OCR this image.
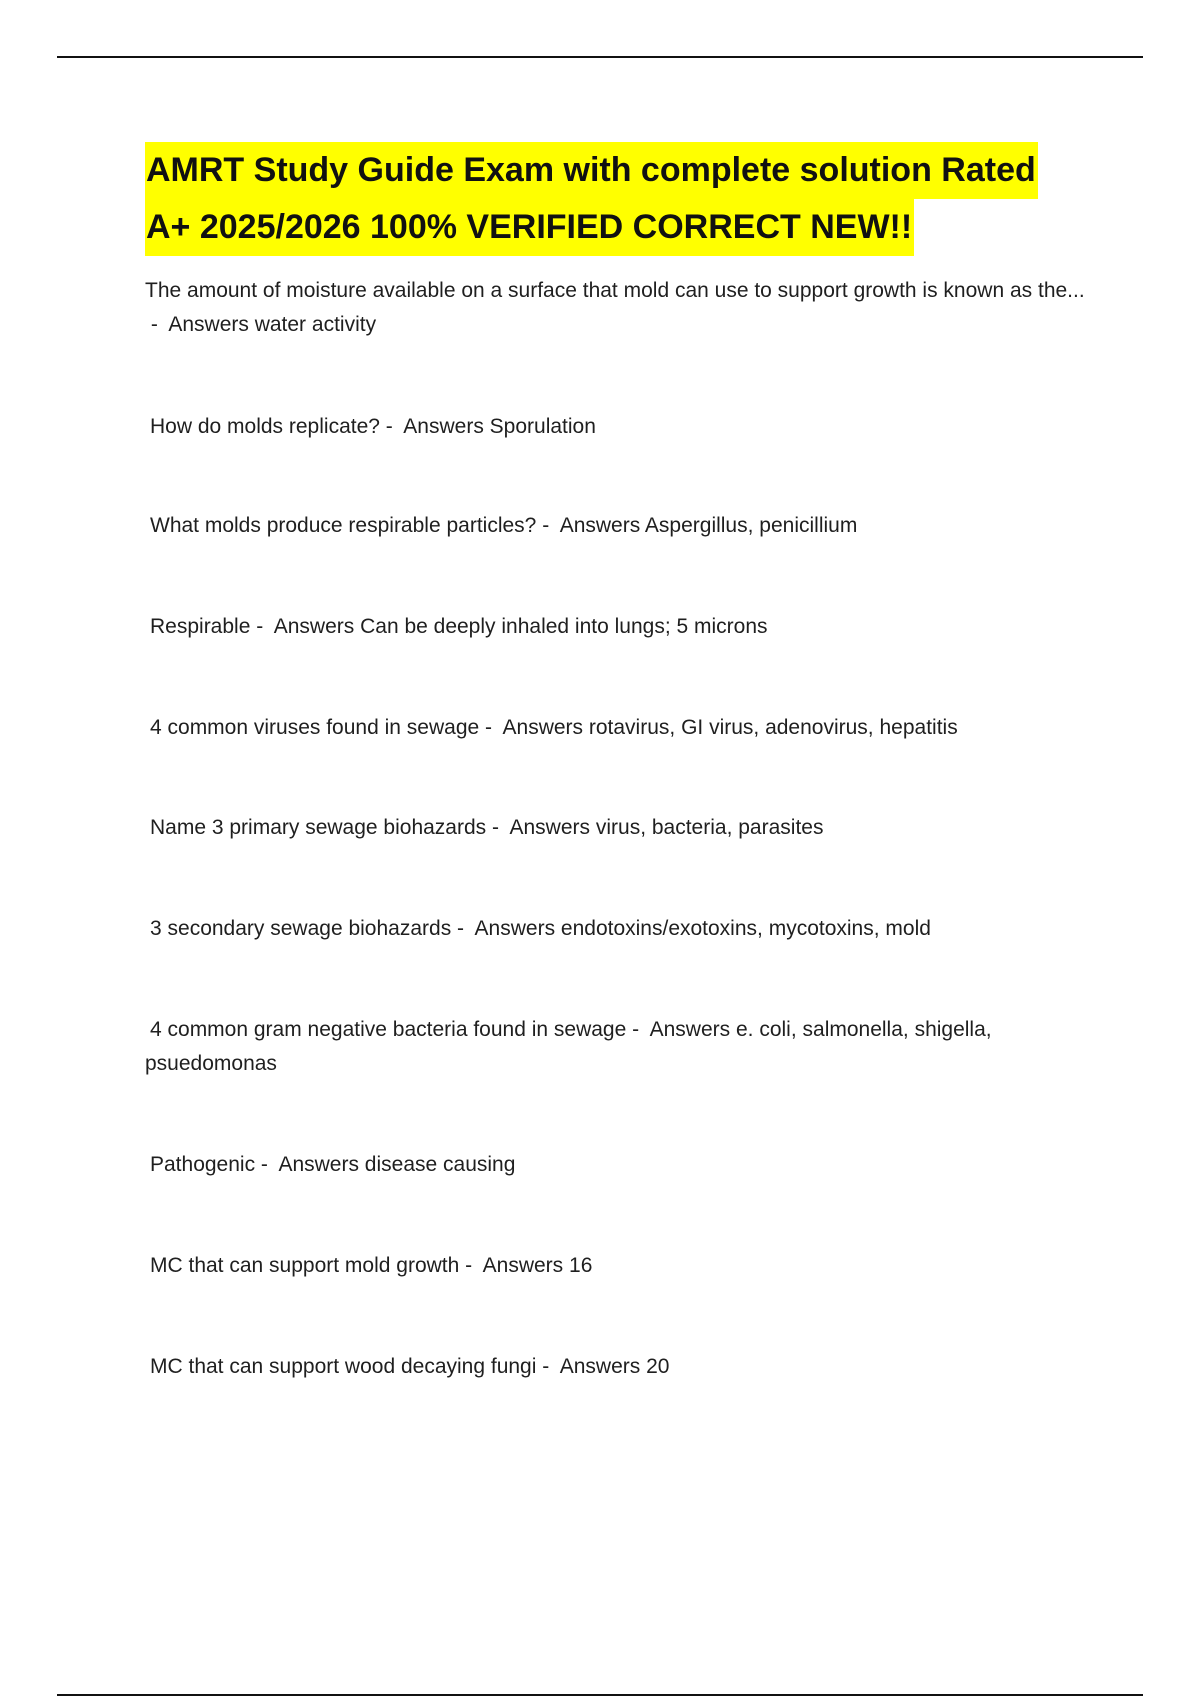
AMRT Study Guide Exam with complete solution Rated
A+ 2025/2026 100% VERIFIED CORRECT NEW!!

The amount of moisture available on a surface that mold can use to support growth is known as the... -  Answers water activity

How do molds replicate? -  Answers Sporulation

What molds produce respirable particles? -  Answers Aspergillus, penicillium

Respirable -  Answers Can be deeply inhaled into lungs; 5 microns

4 common viruses found in sewage -  Answers rotavirus, GI virus, adenovirus, hepatitis

Name 3 primary sewage biohazards -  Answers virus, bacteria, parasites

3 secondary sewage biohazards -  Answers endotoxins/exotoxins, mycotoxins, mold

4 common gram negative bacteria found in sewage -  Answers e. coli, salmonella, shigella, psuedomonas

Pathogenic -  Answers disease causing

MC that can support mold growth -  Answers 16

MC that can support wood decaying fungi -  Answers 20
